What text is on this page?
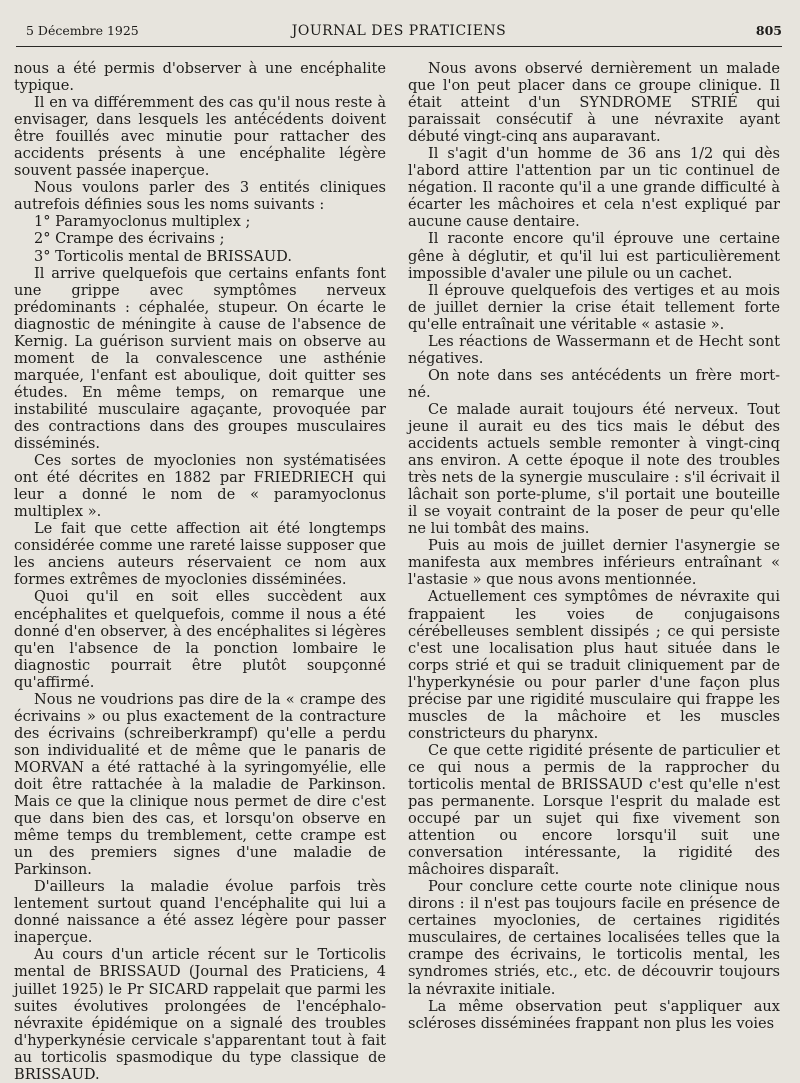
5 Décembre 1925	JOURNAL DES PRATICIENS	805

nous a été permis d'observer à une encéphalite typique.

Il en va différemment des cas qu'il nous reste à envisager, dans lesquels les antécédents doivent être fouillés avec minutie pour rattacher des accidents présents à une encéphalite légère souvent passée inaperçue.

Nous voulons parler des 3 entités cliniques autrefois définies sous les noms suivants :

1° Paramyoclonus multiplex ;

2° Crampe des écrivains ;

3° Torticolis mental de BRISSAUD.

Il arrive quelquefois que certains enfants font une grippe avec symptômes nerveux prédominants : céphalée, stupeur. On écarte le diagnostic de méningite à cause de l'absence de Kernig. La guérison survient mais on observe au moment de la convalescence une asthénie marquée, l'enfant est aboulique, doit quitter ses études. En même temps, on remarque une instabilité musculaire agaçante, provoquée par des contractions dans des groupes musculaires disséminés.

Ces sortes de myoclonies non systématisées ont été décrites en 1882 par FRIEDRIECH qui leur a donné le nom de « paramyoclonus multiplex ».

Le fait que cette affection ait été longtemps considérée comme une rareté laisse supposer que les anciens auteurs réservaient ce nom aux formes extrêmes de myoclonies disséminées.

Quoi qu'il en soit elles succèdent aux encéphalites et quelquefois, comme il nous a été donné d'en observer, à des encéphalites si légères qu'en l'absence de la ponction lombaire le diagnostic pourrait être plutôt soupçonné qu'affirmé.

Nous ne voudrions pas dire de la « crampe des écrivains » ou plus exactement de la contracture des écrivains (schreiberkrampf) qu'elle a perdu son individualité et de même que le panaris de MORVAN a été rattaché à la syringomyélie, elle doit être rattachée à la maladie de Parkinson. Mais ce que la clinique nous permet de dire c'est que dans bien des cas, et lorsqu'on observe en même temps du tremblement, cette crampe est un des premiers signes d'une maladie de Parkinson.

D'ailleurs la maladie évolue parfois très lentement surtout quand l'encéphalite qui lui a donné naissance a été assez légère pour passer inaperçue.

Au cours d'un article récent sur le Torticolis mental de BRISSAUD (Journal des Praticiens, 4 juillet 1925) le Pr SICARD rappelait que parmi les suites évolutives prolongées de l'encéphalo-névraxite épidémique on a signalé des troubles d'hyperkynésie cervicale s'apparentant tout à fait au torticolis spasmodique du type classique de BRISSAUD.

Nous avons observé dernièrement un malade que l'on peut placer dans ce groupe clinique. Il était atteint d'un SYNDROME STRIÉ qui paraissait consécutif à une névraxite ayant débuté vingt-cinq ans auparavant.

Il s'agit d'un homme de 36 ans 1/2 qui dès l'abord attire l'attention par un tic continuel de négation. Il raconte qu'il a une grande difficulté à écarter les mâchoires et cela n'est expliqué par aucune cause dentaire.

Il raconte encore qu'il éprouve une certaine gêne à déglutir, et qu'il lui est particulièrement impossible d'avaler une pilule ou un cachet.

Il éprouve quelquefois des vertiges et au mois de juillet dernier la crise était tellement forte qu'elle entraînait une véritable « astasie ».

Les réactions de Wassermann et de Hecht sont négatives.

On note dans ses antécédents un frère mort-né.

Ce malade aurait toujours été nerveux. Tout jeune il aurait eu des tics mais le début des accidents actuels semble remonter à vingt-cinq ans environ. A cette époque il note des troubles très nets de la synergie musculaire : s'il écrivait il lâchait son porte-plume, s'il portait une bouteille il se voyait contraint de la poser de peur qu'elle ne lui tombât des mains.

Puis au mois de juillet dernier l'asynergie se manifesta aux membres inférieurs entraînant « l'astasie » que nous avons mentionnée.

Actuellement ces symptômes de névraxite qui frappaient les voies de conjugaisons cérébelleuses semblent dissipés ; ce qui persiste c'est une localisation plus haut située dans le corps strié et qui se traduit cliniquement par de l'hyperkynésie ou pour parler d'une façon plus précise par une rigidité musculaire qui frappe les muscles de la mâchoire et les muscles constricteurs du pharynx.

Ce que cette rigidité présente de particulier et ce qui nous a permis de la rapprocher du torticolis mental de BRISSAUD c'est qu'elle n'est pas permanente. Lorsque l'esprit du malade est occupé par un sujet qui fixe vivement son attention ou encore lorsqu'il suit une conversation intéressante, la rigidité des mâchoires disparaît.

Pour conclure cette courte note clinique nous dirons : il n'est pas toujours facile en présence de certaines myoclonies, de certaines rigidités musculaires, de certaines localisées telles que la crampe des écrivains, le torticolis mental, les syndromes striés, etc., etc. de découvrir toujours la névraxite initiale.

La même observation peut s'appliquer aux scléroses disséminées frappant non plus les voies
